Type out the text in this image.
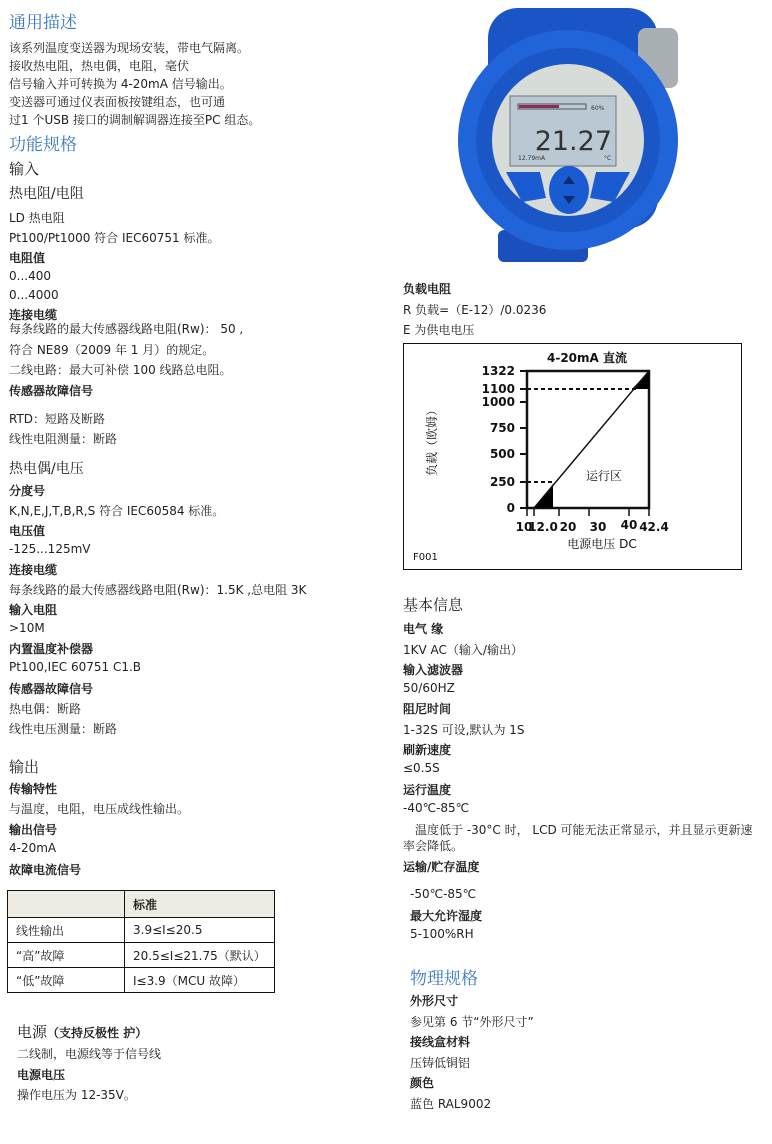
通用描述
该系列温度变送器为现场安装，带电气隔离。
接收热电阻，热电偶，电阻，毫伏
信号输入并可转换为 4-20mA 信号输出。
变送器可通过仪表面板按键组态，也可通
过1 个USB 接口的调制解调器连接至PC 组态。
功能规格
输入
热电阻/电阻
LD 热电阻
Pt100/Pt1000 符合 IEC60751 标准。
电阻值
0...400
0...4000
连接电缆
每条线路的最大传感器线路电阻(Rw)： 50 ,
符合 NE89（2009 年 1 月）的规定。
二线电路：最大可补偿 100 线路总电阻。
传感器故障信号
RTD：短路及断路
线性电阻测量：断路
热电偶/电压
分度号
K,N,E,J,T,B,R,S 符合 IEC60584 标准。
电压值
-125...125mV
连接电缆
每条线路的最大传感器线路电阻(Rw)：1.5K ,总电阻 3K
输入电阻
>10M
内置温度补偿器
Pt100,IEC 60751 C1.B
传感器故障信号
热电偶：断路
线性电压测量：断路
输出
传输特性
与温度，电阻，电压成线性输出。
输出信号
4-20mA
故障电流信号
	标准
线性输出	3.9≤I≤20.5
“高”故障	20.5≤I≤21.75（默认）
“低”故障	I≤3.9（MCU 故障）
电源（支持反极性 护）
二线制，电源线等于信号线
电源电压
操作电压为 12-35V。
60%
21.27
12.79mA	°C
负载电阻
R 负载=（E-12）/0.0236
E 为供电电压
1322
1100
1000
750
500
250
0
10
12.0 20 30 40 42.4
4-20mA 直流
电源电压 DC
运行区
负载（欧姆）
F001
基本信息
电气 缘
1KV AC（输入/输出）
输入滤波器
50/60HZ
阻尼时间
1-32S 可设,默认为 1S
刷新速度
≤0.5S
运行温度
-40℃-85℃
温度低于 -30°C 时， LCD 可能无法正常显示，并且显示更新速
率会降低。
运输/贮存温度
-50℃-85℃
最大允许湿度
5-100%RH
物理规格
外形尺寸
参见第 6 节“外形尺寸”
接线盒材料
压铸低铜铝
颜色
蓝色 RAL9002
